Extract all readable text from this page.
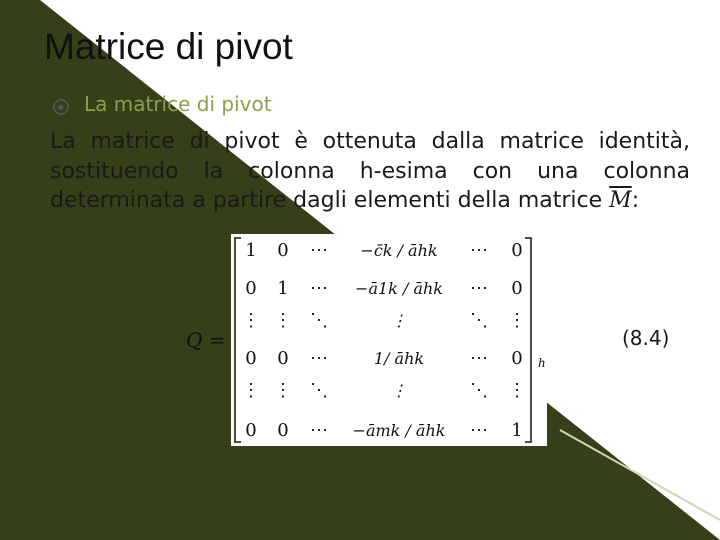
Matrice di pivot
La matrice di pivot
La matrice di pivot è ottenuta dalla matrice identità,
sostituendo la colonna h-esima con una colonna
determinata a partire dagli elementi della matrice $\overline{M}$:
Q =
1 0 ⋯ −c̄k / āhk ⋯ 0
0 1 ⋯ −ā1k / āhk ⋯ 0
⋮ ⋮ ⋱	⋮	⋱ ⋮
0 0 ⋯	1/ āhk	⋯ 0
⋮ ⋮ ⋱	⋮	⋱ ⋮
0 0 ⋯ −āmk / āhk ⋯ 1
h
(8.4)
